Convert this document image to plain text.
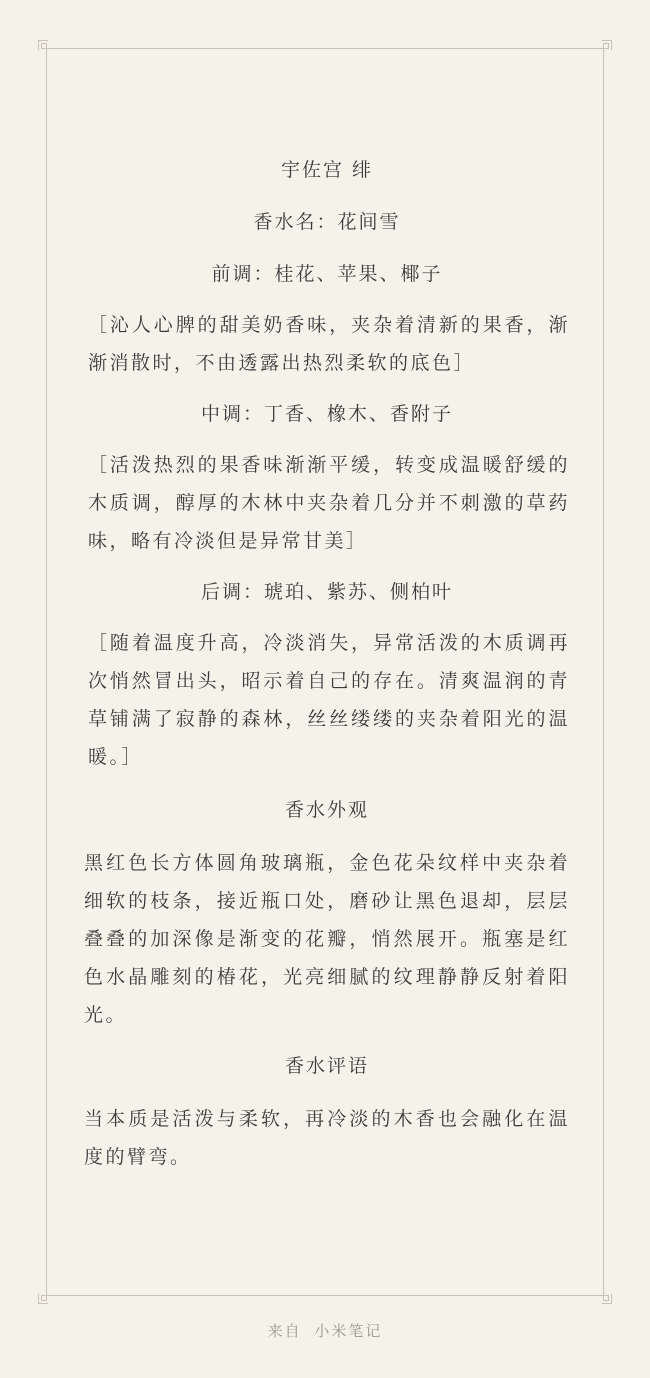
宇佐宫 绯

香水名：花间雪

前调：桂花、苹果、椰子

［沁人心脾的甜美奶香味，夹杂着清新的果香，渐渐消散时，不由透露出热烈柔软的底色］

中调：丁香、橡木、香附子

［活泼热烈的果香味渐渐平缓，转变成温暖舒缓的木质调，醇厚的木林中夹杂着几分并不刺激的草药味，略有冷淡但是异常甘美］

后调：琥珀、紫苏、侧柏叶

［随着温度升高，冷淡消失，异常活泼的木质调再次悄然冒出头，昭示着自己的存在。清爽温润的青草铺满了寂静的森林，丝丝缕缕的夹杂着阳光的温暖。］

香水外观

黑红色长方体圆角玻璃瓶，金色花朵纹样中夹杂着细软的枝条，接近瓶口处，磨砂让黑色退却，层层叠叠的加深像是渐变的花瓣，悄然展开。瓶塞是红色水晶雕刻的椿花，光亮细腻的纹理静静反射着阳光。

香水评语

当本质是活泼与柔软，再冷淡的木香也会融化在温度的臂弯。

来自 小米笔记
